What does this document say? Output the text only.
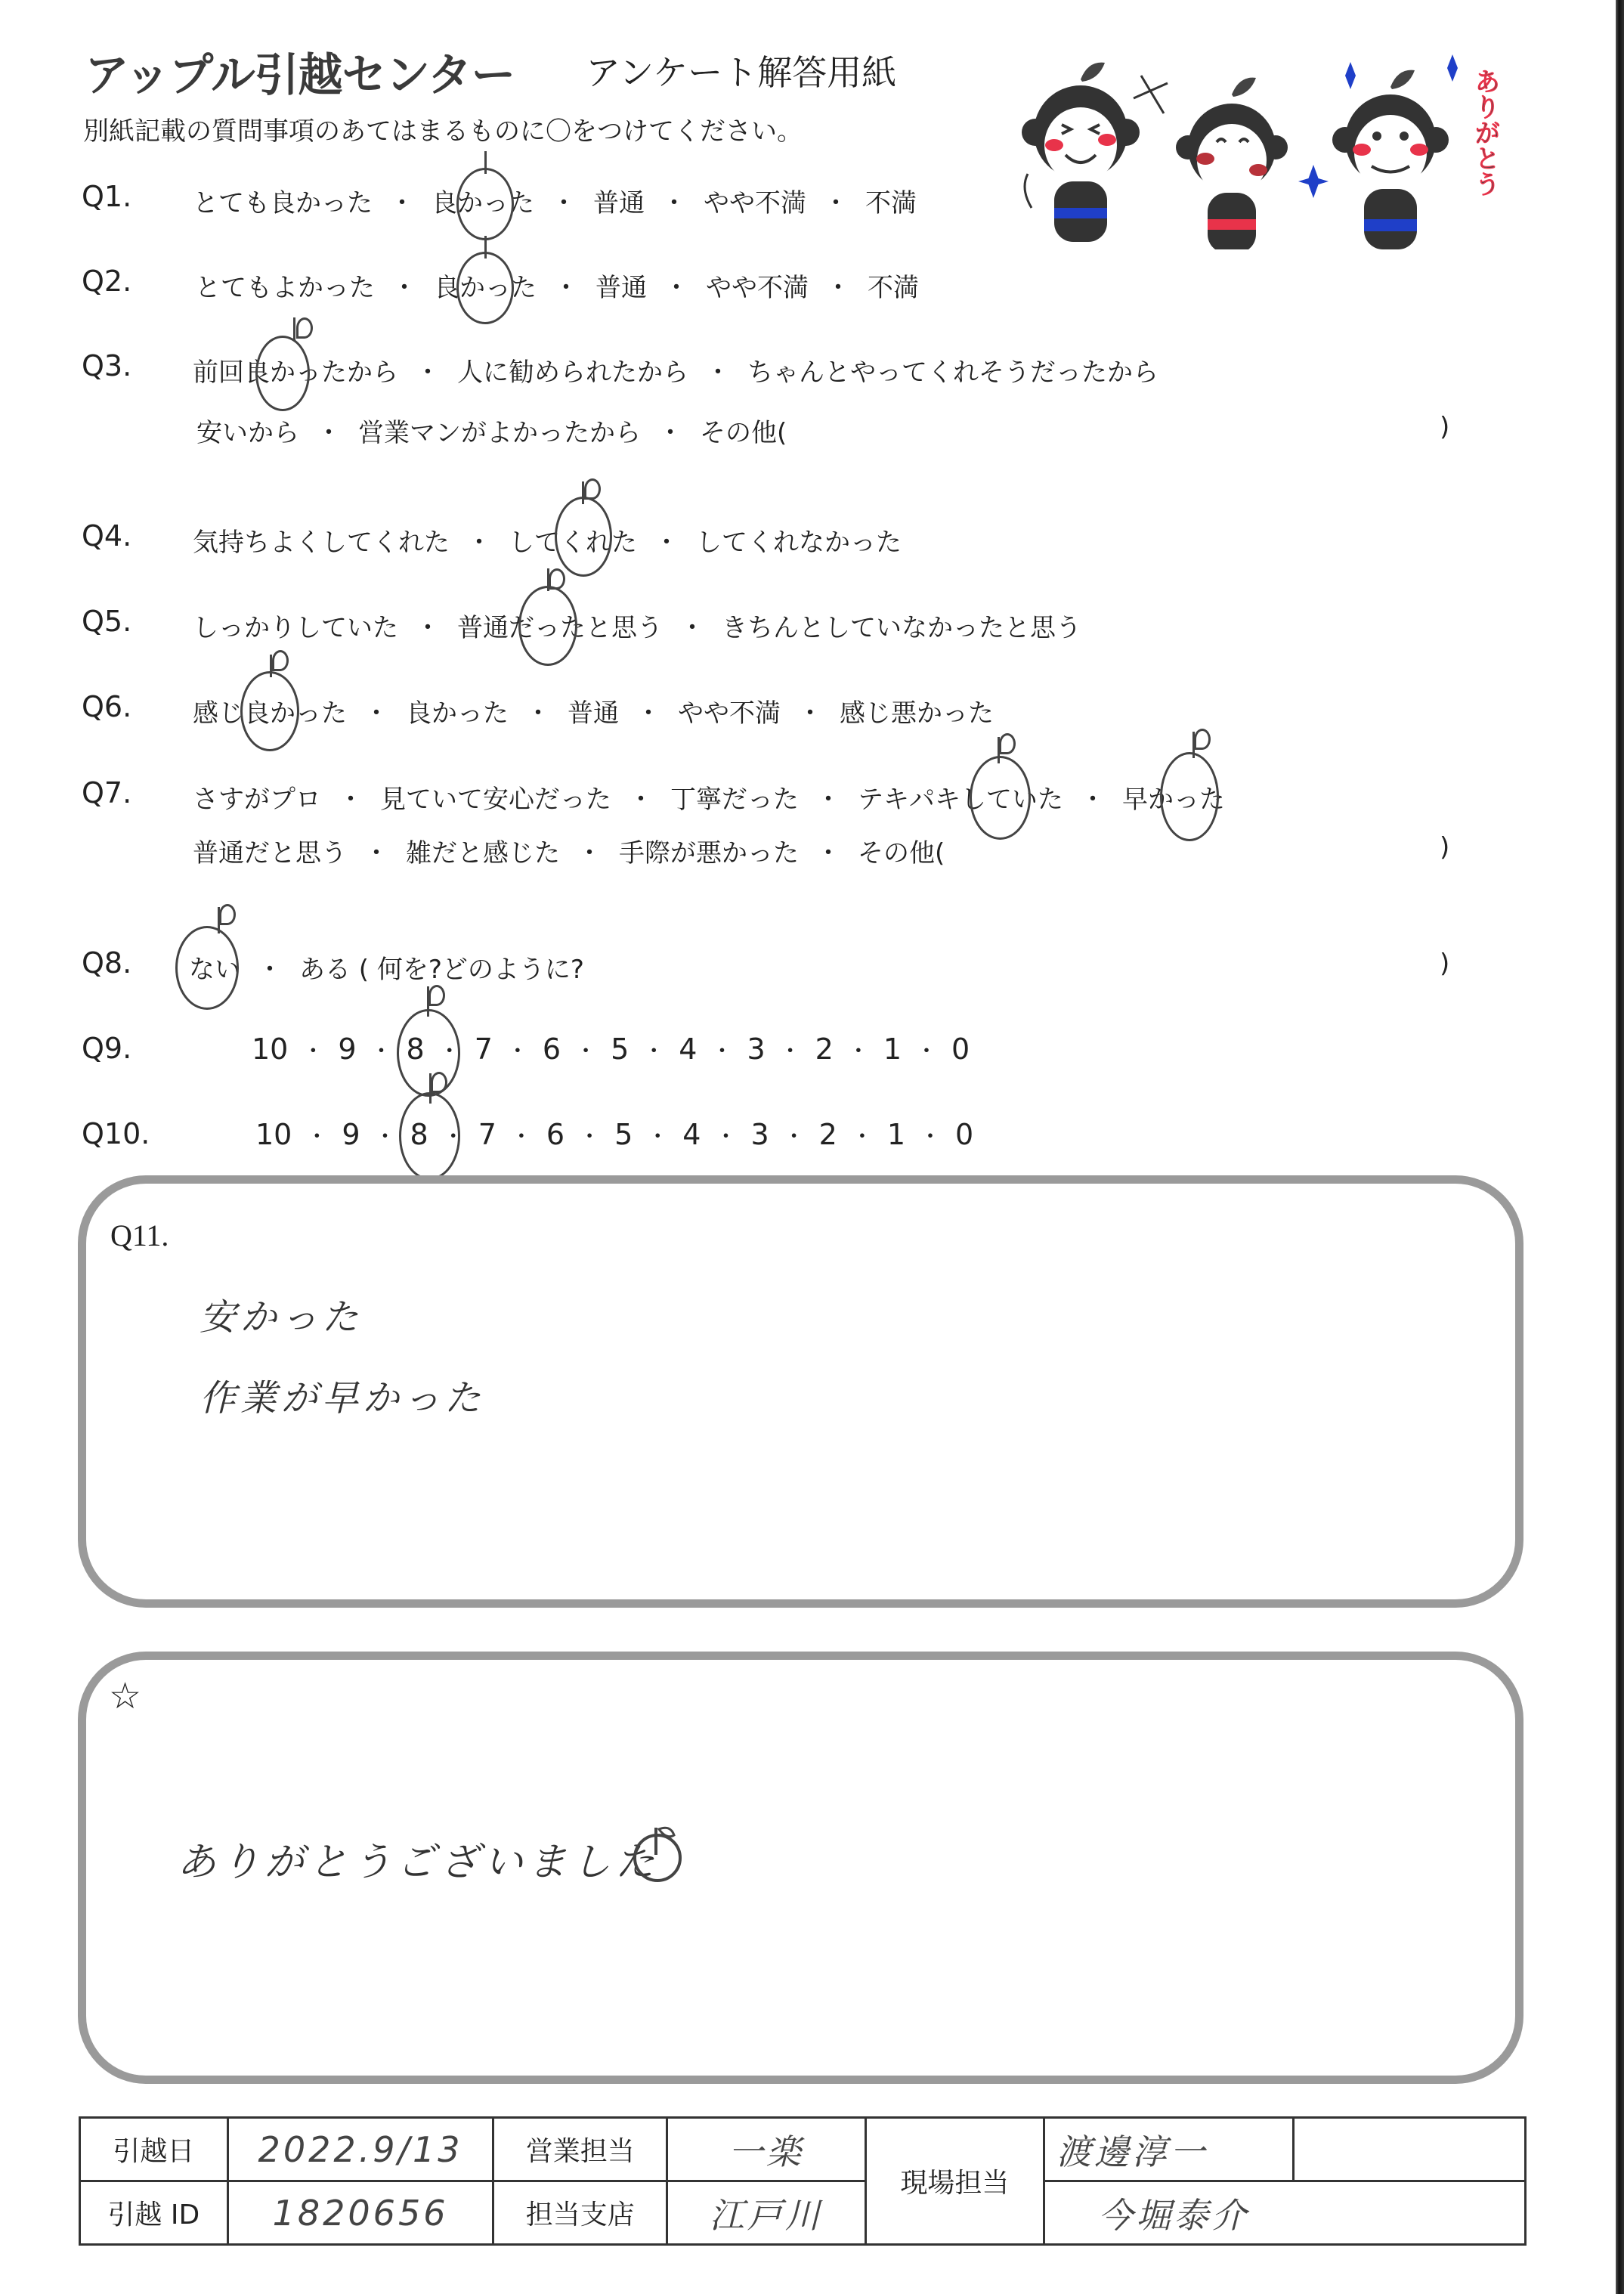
アップル引越センター アンケート解答用紙
別紙記載の質問事項のあてはまるものに〇をつけてください。	ありがとう
Q1. とても良かった ・ 良かった ・ 普通 ・ やや不満 ・ 不満
Q2. とてもよかった ・ 良かった ・ 普通 ・ やや不満 ・ 不満
Q3. 前回良かったから ・ 人に勧められたから ・ ちゃんとやってくれそうだったから
安いから ・ 営業マンがよかったから ・ その他(	)
Q4. 気持ちよくしてくれた ・ してくれた ・ してくれなかった
Q5. しっかりしていた ・ 普通だったと思う ・ きちんとしていなかったと思う
Q6. 感じ良かった ・ 良かった ・ 普通 ・ やや不満 ・ 感じ悪かった
Q7. さすがプロ ・ 見ていて安心だった ・ 丁寧だった ・ テキパキしていた ・ 早かった
普通だと思う ・ 雑だと感じた ・ 手際が悪かった ・ その他(	)
Q8. ない ・ ある ( 何を?どのように?	)
Q9.	10 ・ 9 ・ 8 ・ 7 ・ 6 ・ 5 ・ 4 ・ 3 ・ 2 ・ 1 ・ 0
Q10.	10 ・ 9 ・ 8 ・ 7 ・ 6 ・ 5 ・ 4 ・ 3 ・ 2 ・ 1 ・ 0
Q11.
安かった
作業が早かった
☆
ありがとうございました
引越日	2022.9/13	営業担当	一楽	現場担当	渡邊淳一	
引越 ID	1820656	担当支店	江戸川		今堀泰介	
